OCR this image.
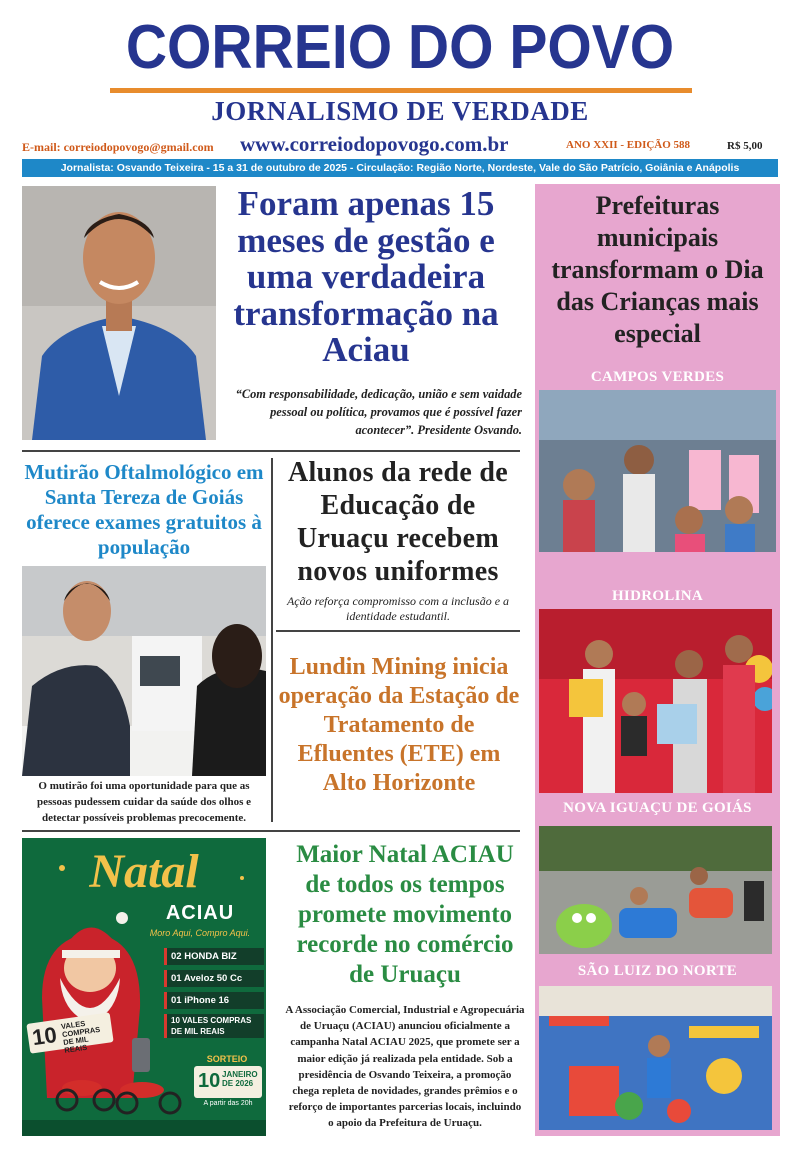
CORREIO DO POVO
JORNALISMO DE VERDADE
E-mail: correiodopovogo@gmail.com www.correiodopovogo.com.br	ANO XXII - EDIÇÃO 588	R$ 5,00
Jornalista: Osvando Teixeira - 15 a 31 de outubro de 2025 - Circulação: Região Norte, Nordeste, Vale do São Patrício, Goiânia e Anápolis
Foram apenas 15 meses de gestão e uma verdadeira transformação na Aciau
“Com responsabilidade, dedicação, união e sem vaidade pessoal ou política, provamos que é possível fazer acontecer”. Presidente Osvando.
Mutirão Oftalmológico em Santa Tereza de Goiás oferece exames gratuitos à população
O mutirão foi uma oportunidade para que as pessoas pudessem cuidar da saúde dos olhos e detectar possíveis problemas precocemente.
Alunos da rede de Educação de Uruaçu recebem novos uniformes
Ação reforça compromisso com a inclusão e a identidade estudantil.
Lundin Mining inicia operação da Estação de Tratamento de Efluentes (ETE) em Alto Horizonte
Natal
ACIAU
Moro Aqui, Compro Aqui.
02 HONDA BIZ
01 Aveloz 50 Cc
01 iPhone 16
10 VALES COMPRAS DE MIL REAIS
10 VALES COMPRAS DE MIL REAIS
SORTEIO
10 JANEIRO DE 2026
A partir das 20h
Maior Natal ACIAU de todos os tempos promete movimento recorde no comércio de Uruaçu
A Associação Comercial, Industrial e Agropecuária de Uruaçu (ACIAU) anunciou oficialmente a campanha Natal ACIAU 2025, que promete ser a maior edição já realizada pela entidade. Sob a presidência de Osvando Teixeira, a promoção chega repleta de novidades, grandes prêmios e o reforço de importantes parcerias locais, incluindo o apoio da Prefeitura de Uruaçu.
Prefeituras municipais transformam o Dia das Crianças mais especial
CAMPOS VERDES
HIDROLINA
NOVA IGUAÇU DE GOIÁS
SÃO LUIZ DO NORTE
